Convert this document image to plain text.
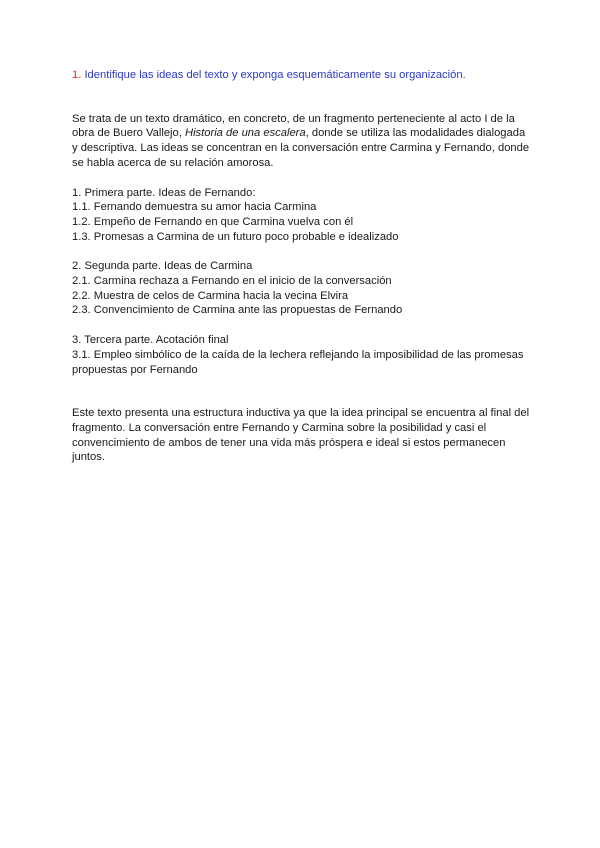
1. Identifique las ideas del texto y exponga esquemáticamente su organización.

Se trata de un texto dramático, en concreto, de un fragmento perteneciente al acto I de la obra de Buero Vallejo, Historia de una escalera, donde se utiliza las modalidades dialogada y descriptiva. Las ideas se concentran en la conversación entre Carmina y Fernando, donde se habla acerca de su relación amorosa.

1. Primera parte. Ideas de Fernando:
1.1. Fernando demuestra su amor hacia Carmina
1.2. Empeño de Fernando en que Carmina vuelva con él
1.3. Promesas a Carmina de un futuro poco probable e idealizado
2. Segunda parte. Ideas de Carmina
2.1. Carmina rechaza a Fernando en el inicio de la conversación
2.2. Muestra de celos de Carmina hacia la vecina Elvira
2.3. Convencimiento de Carmina ante las propuestas de Fernando
3. Tercera parte. Acotación final
3.1. Empleo simbólico de la caída de la lechera reflejando la imposibilidad de las promesas propuestas por Fernando

Este texto presenta una estructura inductiva ya que la idea principal se encuentra al final del fragmento. La conversación entre Fernando y Carmina sobre la posibilidad y casi el convencimiento de ambos de tener una vida más próspera e ideal si estos permanecen juntos.
